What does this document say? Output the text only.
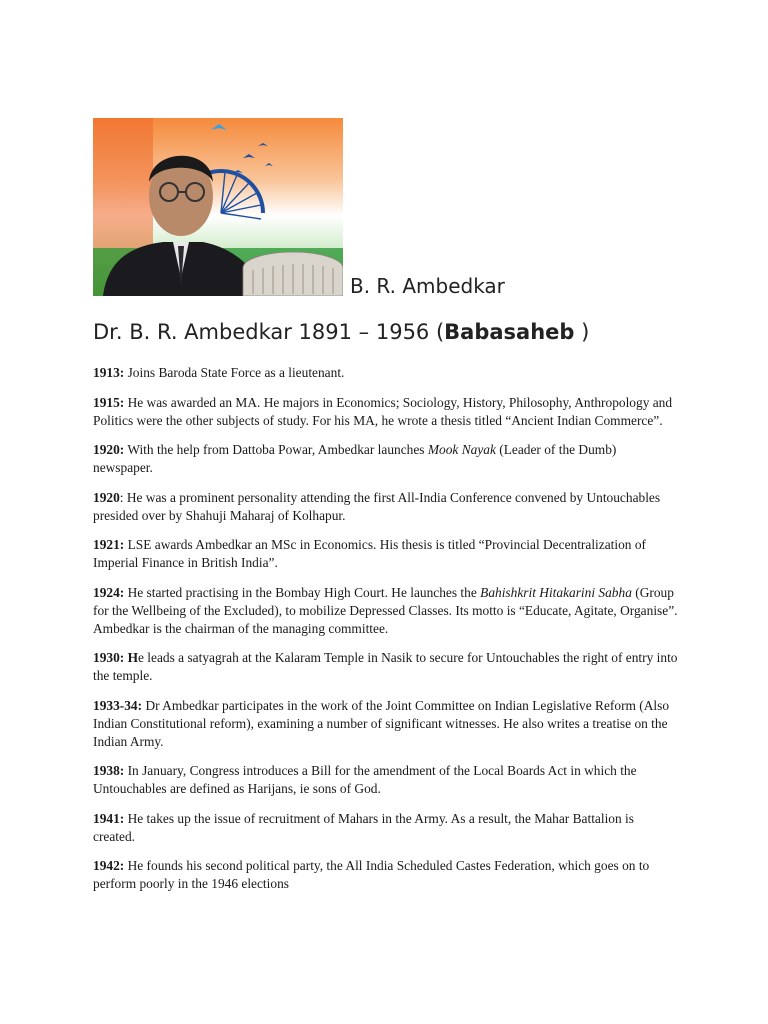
B. R. Ambedkar
Dr. B. R. Ambedkar 1891 – 1956 (Babasaheb )

1913: Joins Baroda State Force as a lieutenant.

1915: He was awarded an MA. He majors in Economics; Sociology, History, Philosophy, Anthropology and Politics were the other subjects of study. For his MA, he wrote a thesis titled “Ancient Indian Commerce”.

1920: With the help from Dattoba Powar, Ambedkar launches Mook Nayak (Leader of the Dumb) newspaper.

1920: He was a prominent personality attending the first All-India Conference convened by Untouchables presided over by Shahuji Maharaj of Kolhapur.

1921: LSE awards Ambedkar an MSc in Economics. His thesis is titled “Provincial Decentralization of Imperial Finance in British India”.

1924: He started practising in the Bombay High Court. He launches the Bahishkrit Hitakarini Sabha (Group for the Wellbeing of the Excluded), to mobilize Depressed Classes. Its motto is “Educate, Agitate, Organise”. Ambedkar is the chairman of the managing committee.

1930: He leads a satyagrah at the Kalaram Temple in Nasik to secure for Untouchables the right of entry into the temple.

1933-34: Dr Ambedkar participates in the work of the Joint Committee on Indian Legislative Reform (Also Indian Constitutional reform), examining a number of significant witnesses. He also writes a treatise on the Indian Army.

1938: In January, Congress introduces a Bill for the amendment of the Local Boards Act in which the Untouchables are defined as Harijans, ie sons of God.

1941: He takes up the issue of recruitment of Mahars in the Army. As a result, the Mahar Battalion is created.

1942: He founds his second political party, the All India Scheduled Castes Federation, which goes on to perform poorly in the 1946 elections
